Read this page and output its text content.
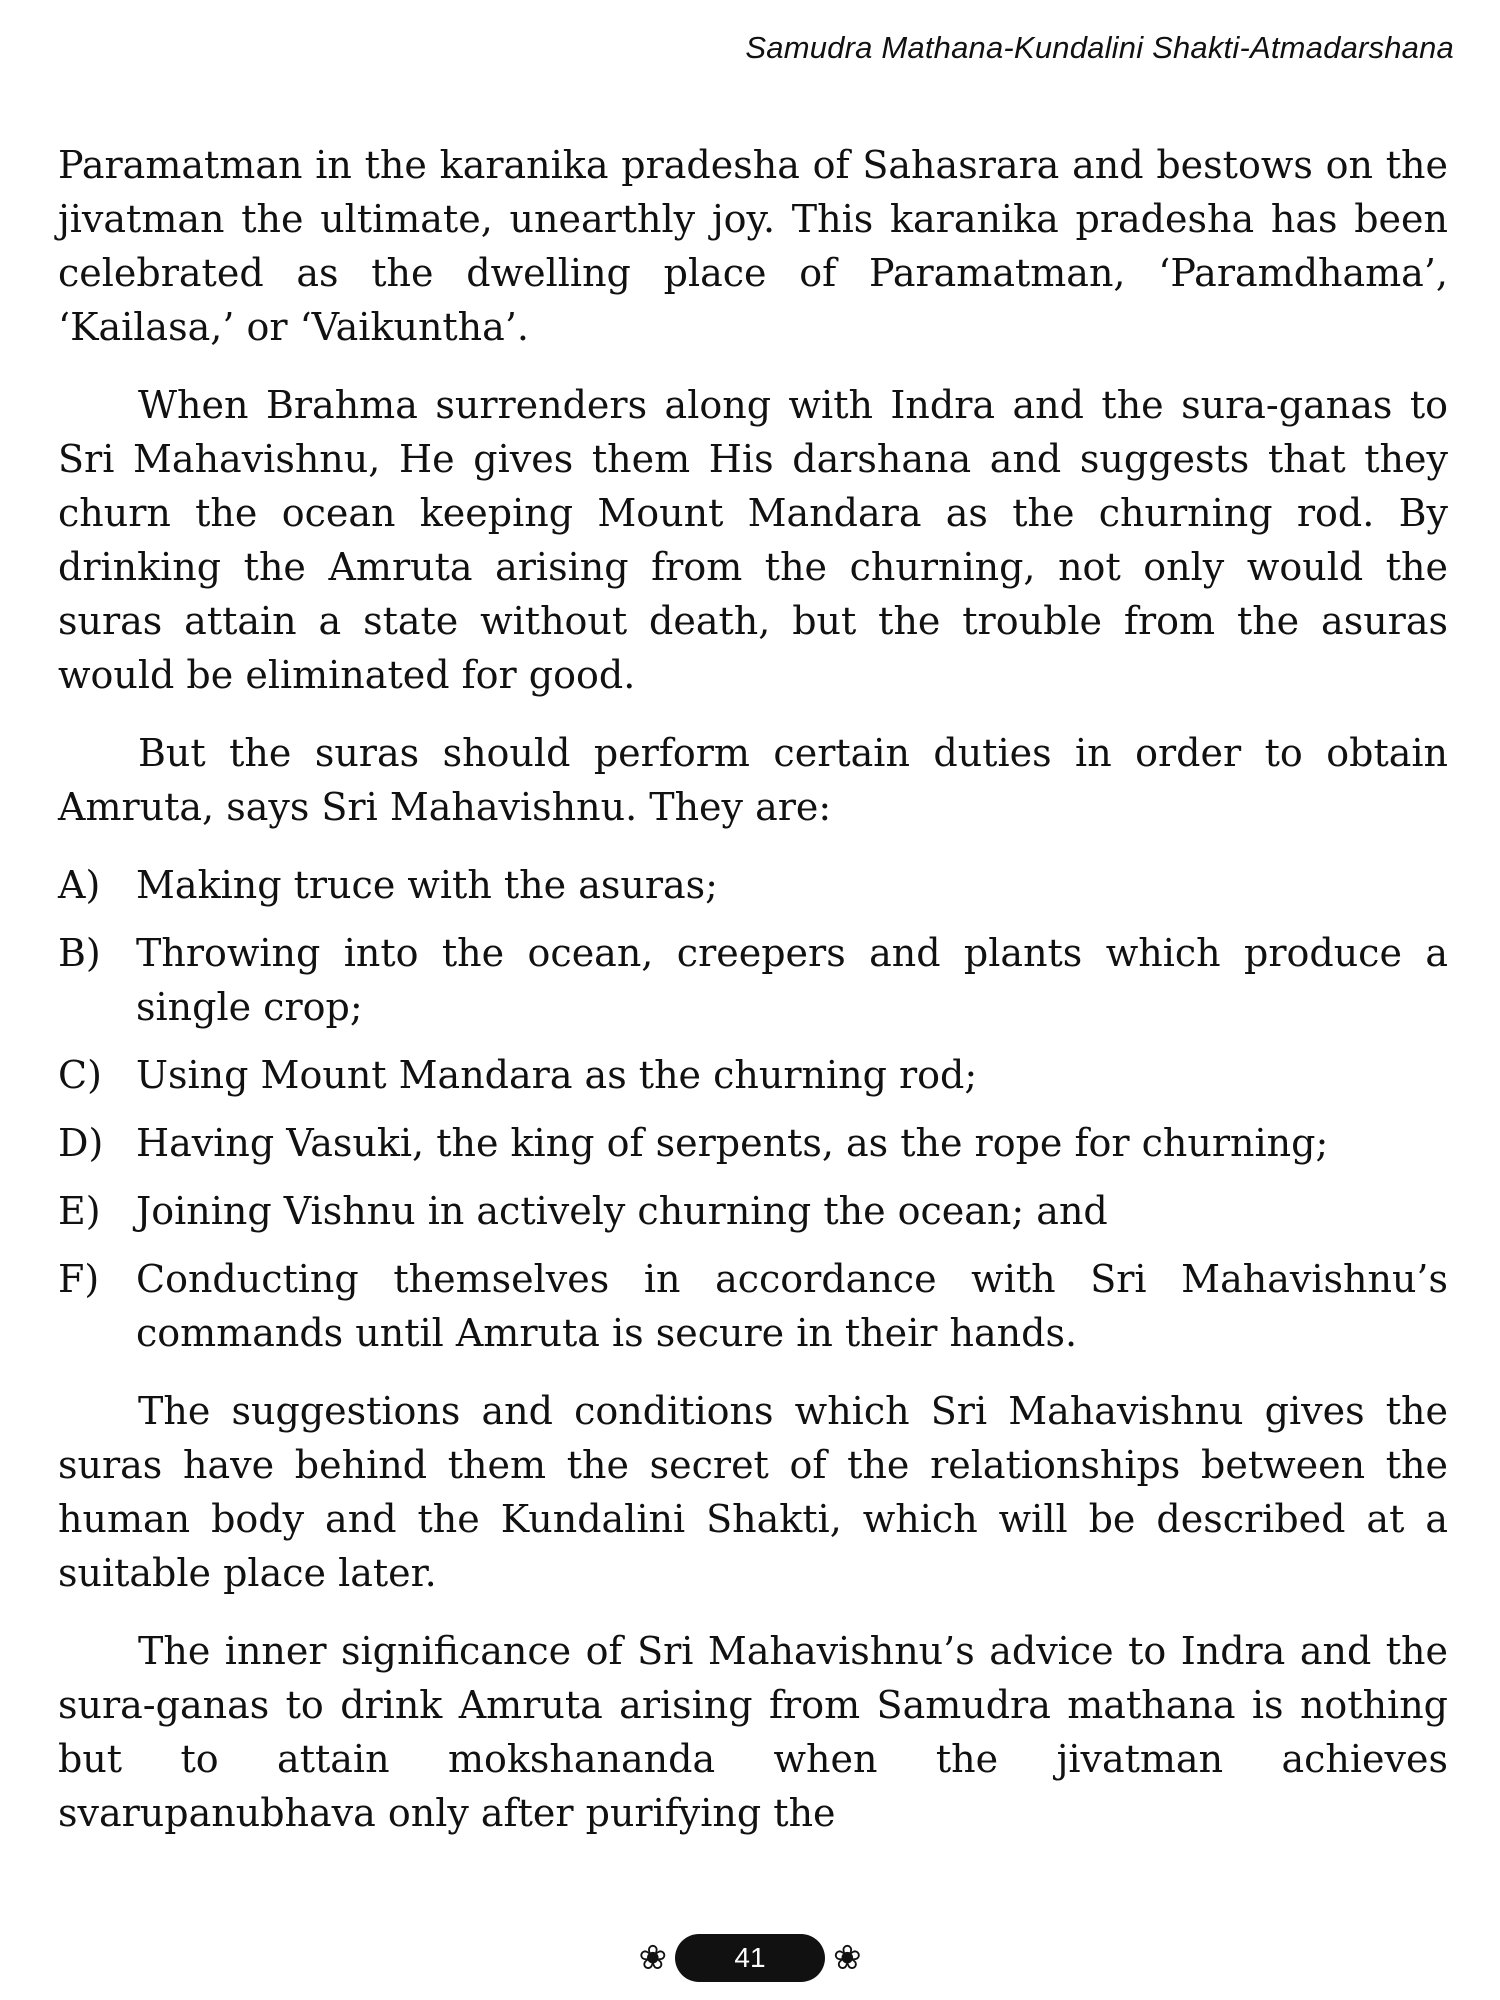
Samudra Mathana-Kundalini Shakti-Atmadarshana

Paramatman in the karanika pradesha of Sahasrara and bestows on the jivatman the ultimate, unearthly joy. This karanika pradesha has been celebrated as the dwelling place of Paramatman, ‘Paramdhama’, ‘Kailasa,’ or ‘Vaikuntha’.

When Brahma surrenders along with Indra and the sura-ganas to Sri Mahavishnu, He gives them His darshana and suggests that they churn the ocean keeping Mount Mandara as the churning rod. By drinking the Amruta arising from the churning, not only would the suras attain a state without death, but the trouble from the asuras would be eliminated for good.

But the suras should perform certain duties in order to obtain Amruta, says Sri Mahavishnu. They are:

A) Making truce with the asuras;
B) Throwing into the ocean, creepers and plants which produce a single crop;
C) Using Mount Mandara as the churning rod;
D) Having Vasuki, the king of serpents, as the rope for churning;
E) Joining Vishnu in actively churning the ocean; and
F) Conducting themselves in accordance with Sri Mahavishnu’s commands until Amruta is secure in their hands.

The suggestions and conditions which Sri Mahavishnu gives the suras have behind them the secret of the relationships between the human body and the Kundalini Shakti, which will be described at a suitable place later.

The inner significance of Sri Mahavishnu’s advice to Indra and the sura-ganas to drink Amruta arising from Samudra mathana is nothing but to attain mokshananda when the jivatman achieves svarupanubhava only after purifying the

❀	41	❀
